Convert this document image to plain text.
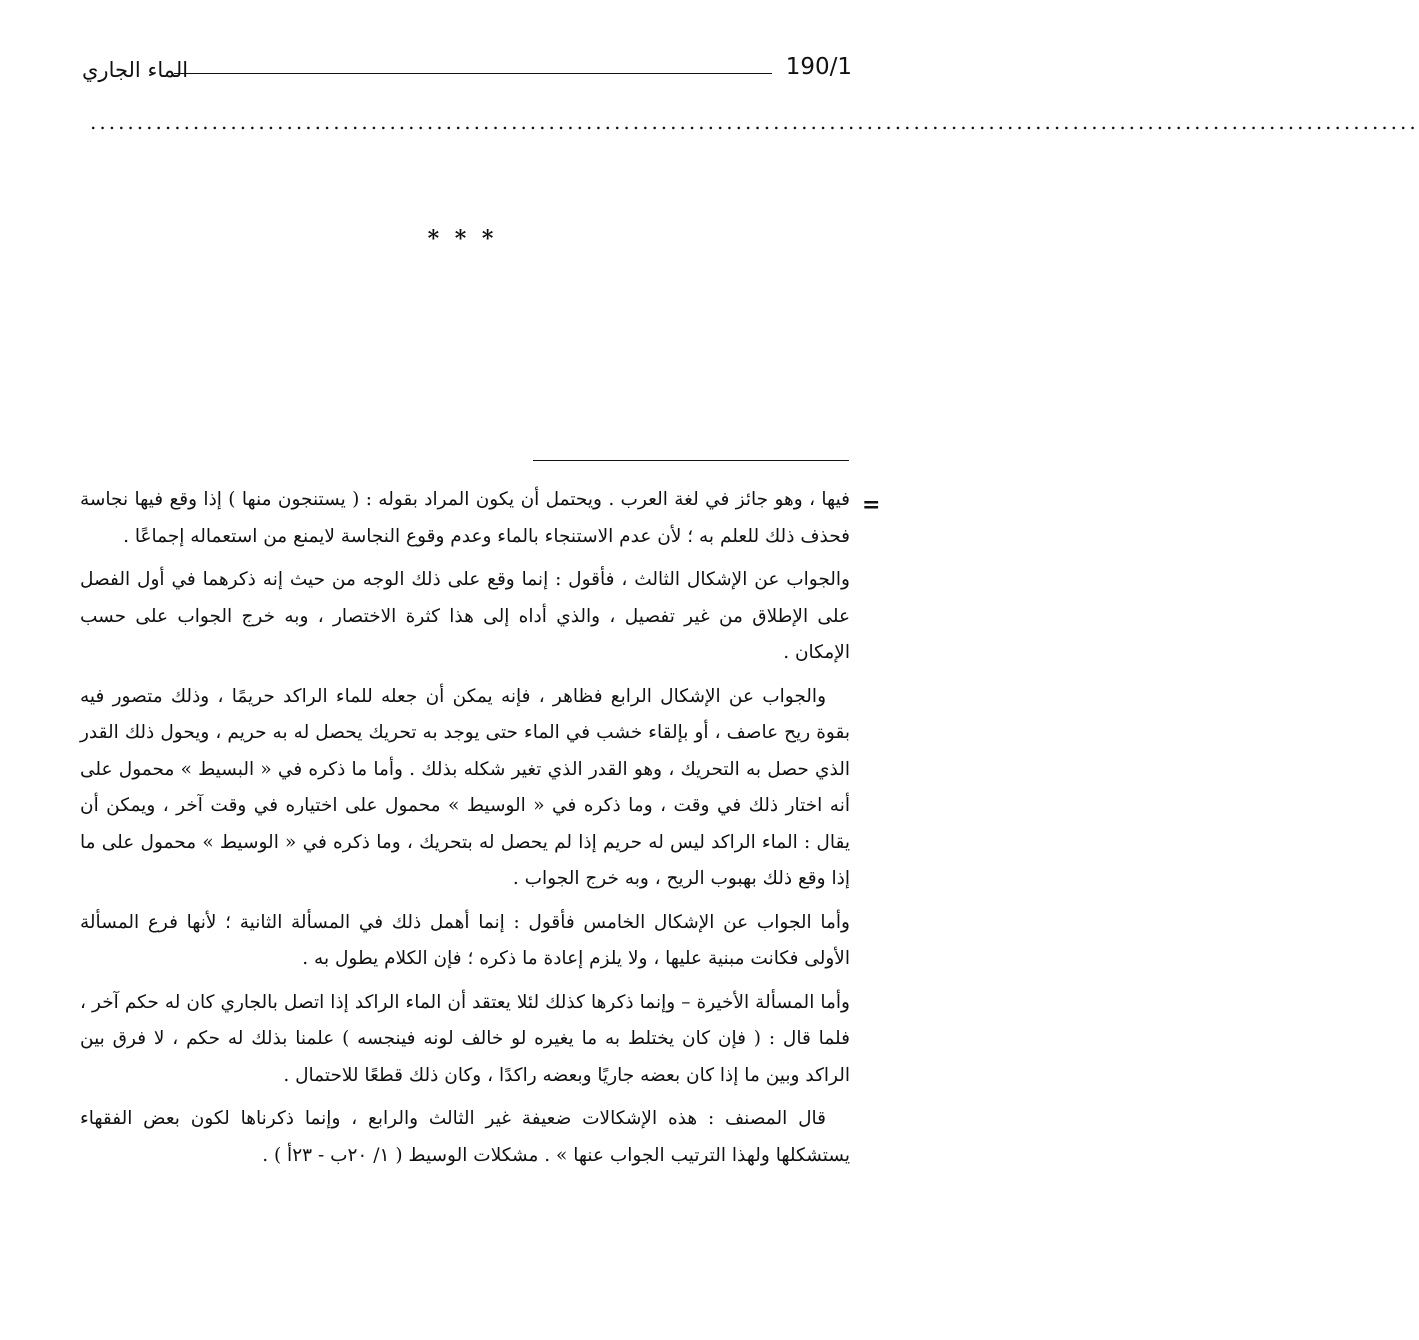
190/1
الماء الجاري
..............................................................................................................................................
* * *
=

فيها ، وهو جائز في لغة العرب . ويحتمل أن يكون المراد بقوله : ( يستنجون منها ) إذا وقع فيها نجاسة فحذف ذلك للعلم به ؛ لأن عدم الاستنجاء بالماء وعدم وقوع النجاسة لايمنع من استعماله إجماعًا .

والجواب عن الإشكال الثالث ، فأقول : إنما وقع على ذلك الوجه من حيث إنه ذكرهما في أول الفصل على الإطلاق من غير تفصيل ، والذي أداه إلى هذا كثرة الاختصار ، وبه خرج الجواب على حسب الإمكان .

والجواب عن الإشكال الرابع فظاهر ، فإنه يمكن أن جعله للماء الراكد حريمًا ، وذلك متصور فيه بقوة ريح عاصف ، أو بإلقاء خشب في الماء حتى يوجد به تحريك يحصل له به حريم ، ويحول ذلك القدر الذي حصل به التحريك ، وهو القدر الذي تغير شكله بذلك . وأما ما ذكره في « البسيط » محمول على أنه اختار ذلك في وقت ، وما ذكره في « الوسيط » محمول على اختياره في وقت آخر ، ويمكن أن يقال : الماء الراكد ليس له حريم إذا لم يحصل له بتحريك ، وما ذكره في « الوسيط » محمول على ما إذا وقع ذلك بهبوب الريح ، وبه خرج الجواب .

وأما الجواب عن الإشكال الخامس فأقول : إنما أهمل ذلك في المسألة الثانية ؛ لأنها فرع المسألة الأولى فكانت مبنية عليها ، ولا يلزم إعادة ما ذكره ؛ فإن الكلام يطول به .

وأما المسألة الأخيرة – وإنما ذكرها كذلك لئلا يعتقد أن الماء الراكد إذا اتصل بالجاري كان له حكم آخر ، فلما قال : ( فإن كان يختلط به ما يغيره لو خالف لونه فينجسه ) علمنا بذلك له حكم ، لا فرق بين الراكد وبين ما إذا كان بعضه جاريًا وبعضه راكدًا ، وكان ذلك قطعًا للاحتمال .

قال المصنف : هذه الإشكالات ضعيفة غير الثالث والرابع ، وإنما ذكرناها لكون بعض الفقهاء يستشكلها ولهذا الترتيب الجواب عنها » . مشكلات الوسيط ( ١/ ٢٠ب - ٢٣أ ) .
